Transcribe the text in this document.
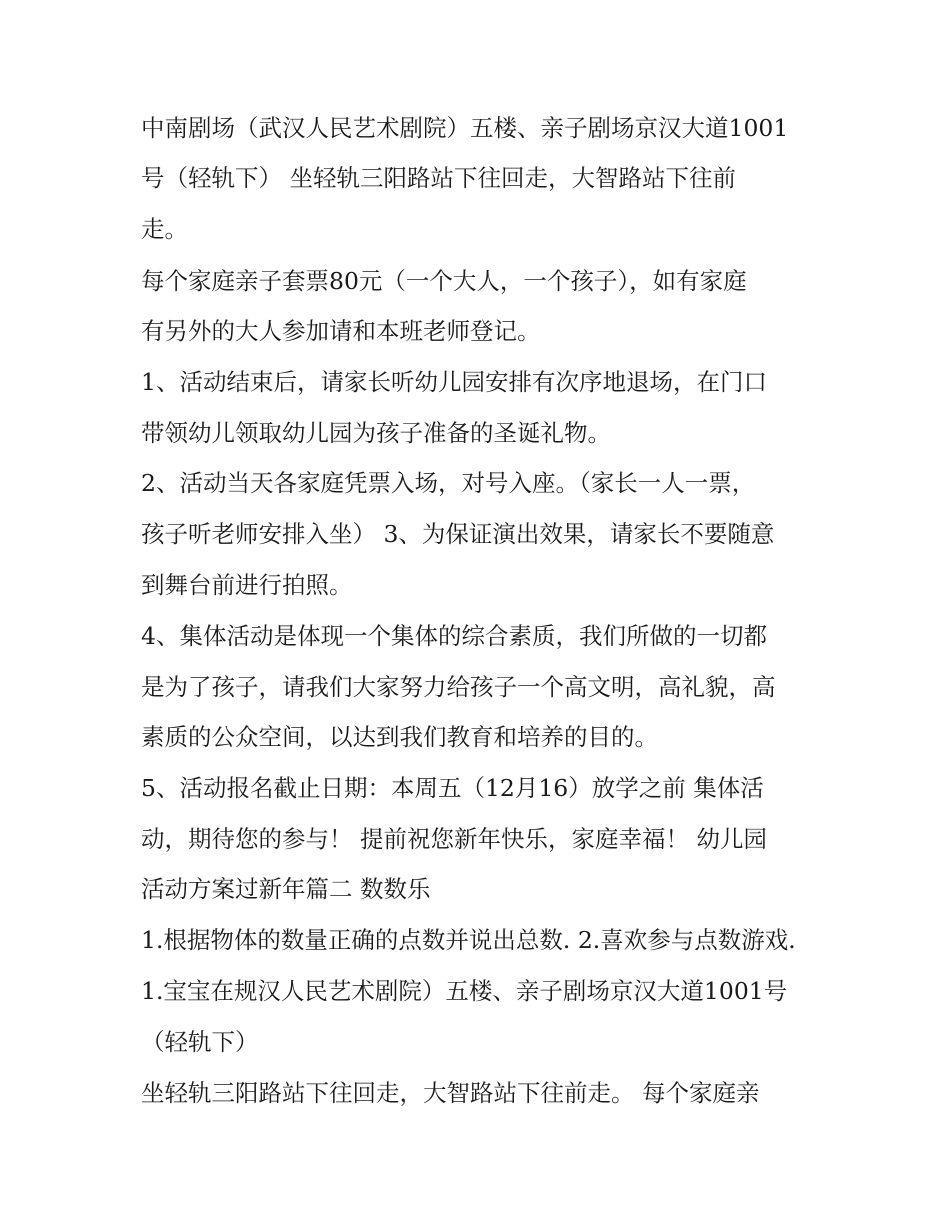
中南剧场（武汉人民艺术剧院）五楼、亲子剧场京汉大道1001
号（轻轨下） 坐轻轨三阳路站下往回走，大智路站下往前
走。
每个家庭亲子套票80元（一个大人，一个孩子），如有家庭
有另外的大人参加请和本班老师登记。
1、活动结束后，请家长听幼儿园安排有次序地退场，在门口
带领幼儿领取幼儿园为孩子准备的圣诞礼物。
2、活动当天各家庭凭票入场，对号入座。（家长一人一票，
孩子听老师安排入坐） 3、为保证演出效果，请家长不要随意
到舞台前进行拍照。
4、集体活动是体现一个集体的综合素质，我们所做的一切都
是为了孩子，请我们大家努力给孩子一个高文明，高礼貌，高
素质的公众空间，以达到我们教育和培养的目的。
5、活动报名截止日期：本周五（12月16）放学之前 集体活
动，期待您的参与！ 提前祝您新年快乐，家庭幸福！ 幼儿园
活动方案过新年篇二 数数乐
1.根据物体的数量正确的点数并说出总数. 2.喜欢参与点数游戏.
1.宝宝在规汉人民艺术剧院）五楼、亲子剧场京汉大道1001号
（轻轨下）
坐轻轨三阳路站下往回走，大智路站下往前走。 每个家庭亲
